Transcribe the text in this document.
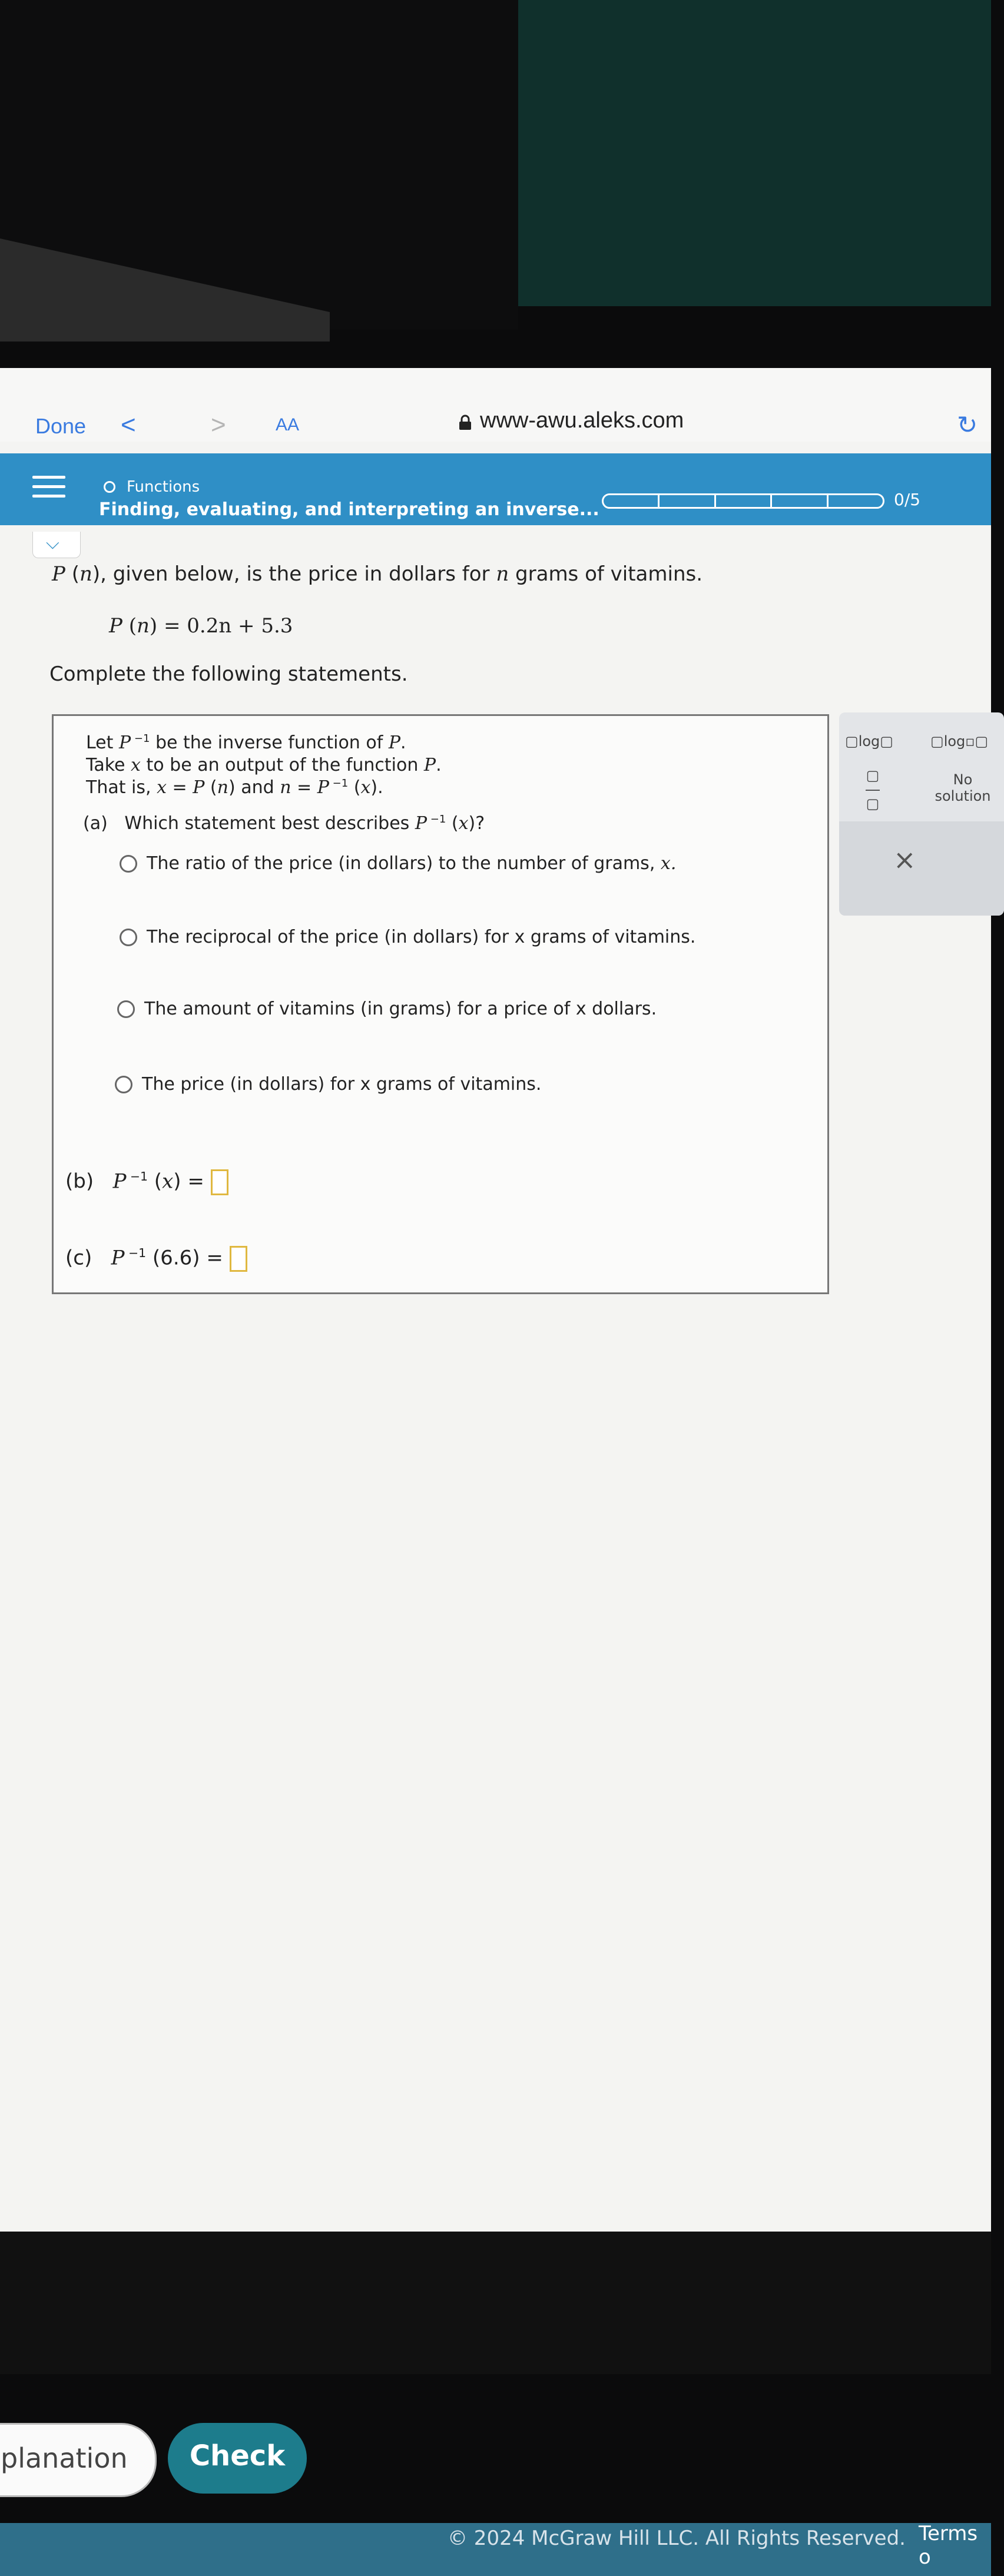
Done <	>	AA	www-awu.aleks.com	↻
Functions
Finding, evaluating, and interpreting an inverse...	0/5
⌵
P (n), given below, is the price in dollars for n grams of vitamins.
P (n) = 0.2n + 5.3
Complete the following statements.
Let P $^{-1}$ be the inverse function of P.
Take x to be an output of the function P.
That is, x = P (n) and n = P $^{-1}$ (x).
(a) Which statement best describes P $^{-1}$ (x)?
The ratio of the price (in dollars) to the number of grams,
x.
The reciprocal of the price (in dollars) for
x grams of vitamins.
The amount of vitamins (in grams) for a price of
x dollars.
The price (in dollars) for
x grams of vitamins.
(b) P $^{-1}$ (x) =
(c) P $^{-1}$ (6.6) =
▢log▢	▢log▫▢
▢
―
▢
No solution
×
planation	Check
© 2024 McGraw Hill LLC. All Rights Reserved. Terms o
